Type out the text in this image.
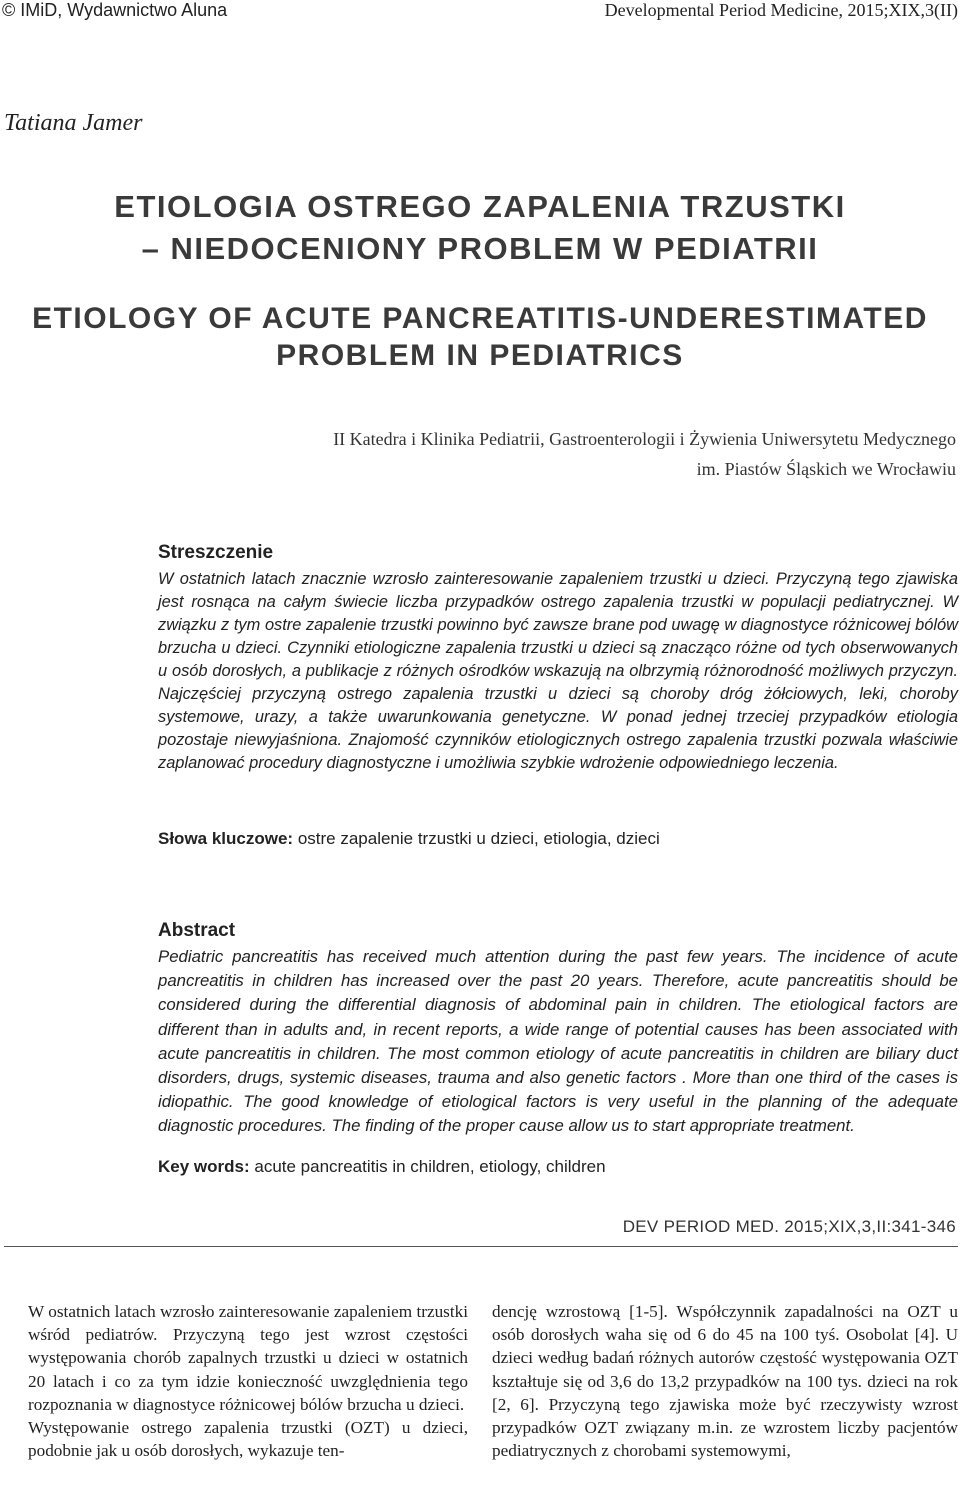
© IMiD, Wydawnictwo Aluna	Developmental Period Medicine, 2015;XIX,3(II)
Tatiana Jamer
ETIOLOGIA OSTREGO ZAPALENIA TRZUSTKI
– NIEDOCENIONY PROBLEM W PEDIATRII
ETIOLOGY OF ACUTE PANCREATITIS-UNDERESTIMATED
PROBLEM IN PEDIATRICS
II Katedra i Klinika Pediatrii, Gastroenterologii i Żywienia Uniwersytetu Medycznego
im. Piastów Śląskich we Wrocławiu
Streszczenie
W ostatnich latach znacznie wzrosło zainteresowanie zapaleniem trzustki u dzieci. Przyczyną tego zjawiska jest rosnąca na całym świecie liczba przypadków ostrego zapalenia trzustki w populacji pediatrycznej. W związku z tym ostre zapalenie trzustki powinno być zawsze brane pod uwagę w diagnostyce różnicowej bólów brzucha u dzieci. Czynniki etiologiczne zapalenia trzustki u dzieci są znacząco różne od tych obserwowanych u osób dorosłych, a publikacje z różnych ośrodków wskazują na olbrzymią różnorodność możliwych przyczyn. Najczęściej przyczyną ostrego zapalenia trzustki u dzieci są choroby dróg żółciowych, leki, choroby systemowe, urazy, a także uwarunkowania genetyczne. W ponad jednej trzeciej przypadków etiologia pozostaje niewyjaśniona. Znajomość czynników etiologicznych ostrego zapalenia trzustki pozwala właściwie zaplanować procedury diagnostyczne i umożliwia szybkie wdrożenie odpowiedniego leczenia.
Słowa kluczowe: ostre zapalenie trzustki u dzieci, etiologia, dzieci
Abstract
Pediatric pancreatitis has received much attention during the past few years. The incidence of acute pancreatitis in children has increased over the past 20 years. Therefore, acute pancreatitis should be considered during the differential diagnosis of abdominal pain in children. The etiological factors are different than in adults and, in recent reports, a wide range of potential causes has been associated with acute pancreatitis in children. The most common etiology of acute pancreatitis in children are biliary duct disorders, drugs, systemic diseases, trauma and also genetic factors . More than one third of the cases is idiopathic. The good knowledge of etiological factors is very useful in the planning of the adequate diagnostic procedures. The finding of the proper cause allow us to start appropriate treatment.
Key words: acute pancreatitis in children, etiology, children
DEV PERIOD MED. 2015;XIX,3,II:341-346

W ostatnich latach wzrosło zainteresowanie zapaleniem trzustki wśród pediatrów. Przyczyną tego jest wzrost częstości występowania chorób zapalnych trzustki u dzieci w ostatnich 20 latach i co za tym idzie konieczność uwzględnienia tego rozpoznania w diagnostyce różnicowej bólów brzucha u dzieci.

Występowanie ostrego zapalenia trzustki (OZT) u dzieci, podobnie jak u osób dorosłych, wykazuje ten-

dencję wzrostową [1-5]. Współczynnik zapadalności na OZT u osób dorosłych waha się od 6 do 45 na 100 tyś. Osobolat [4]. U dzieci według badań różnych autorów częstość występowania OZT kształtuje się od 3,6 do 13,2 przypadków na 100 tys. dzieci na rok [2, 6]. Przyczyną tego zjawiska może być rzeczywisty wzrost przypadków OZT związany m.in. ze wzrostem liczby pacjentów pediatrycznych z chorobami systemowymi,
